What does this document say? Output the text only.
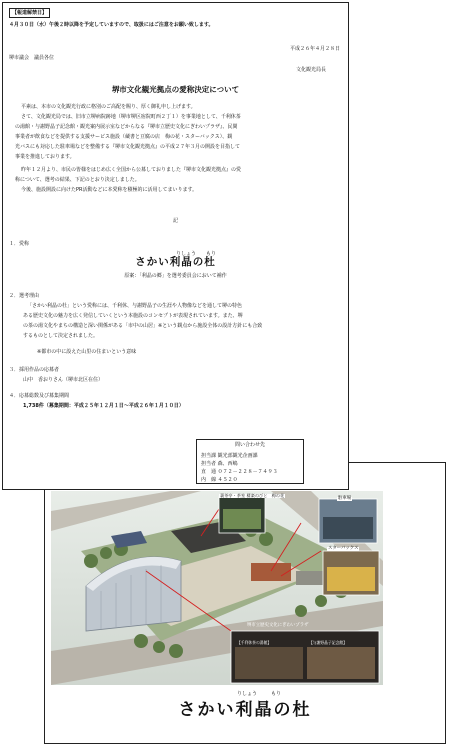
【報道解禁日】
４月３０日（水）午後２時以降を予定していますので、取扱にはご注意をお願い致します。
平成２６年４月２８日
堺市議会　議員各位
文化観光局長
堺市文化観光拠点の愛称決定について
平素は、本市の文化観光行政に格別のご高配を賜り、厚く御礼申し上げます。
さて、文化観光局では、旧市立堺病院跡地（堺市堺区宿院町西２丁１）を事業地として、千利休茶
の湯館・与謝野晶子記念館・観光案内展示室などからなる『堺市立歴史文化にぎわいプラザ』、民間
事業者が飲食などを提供する支援サービス施設（蔵書と豆腐の店　梅の花・スターバックス）、観
光バスにも対応した駐車場などを整備する『堺市文化観光拠点』の平成２７年３月の開設を目指して
事業を推進しております。
昨年１２月より、市民の皆様をはじめ広く全国から公募しておりました『堺市文化観光拠点』の愛
称について、選考の結果、下記のとおり決定しました。
今後、施設開設に向けたPR活動などに本愛称を積極的に活用してまいります。
記
１．愛称
りしょう もり
さかい利晶の杜
原案：「利晶の郷」を選考委員会において補作
２．選考理由
「さかい利晶の杜」という愛称には、千利休、与謝野晶子の生涯や人物像などを通して堺の特色
ある歴史文化の魅力を広く発信していくという本施設のコンセプトが表現されています。また、堺
の茶の湯文化やまちの構造と深い関係がある「市中の山居」※という観点から施設全体の設計方針にも合致
するものとして決定されました。
※都市の中に設えた山里の住まいという意味
３．採用作品の応募者
山中　香おりさん（堺市北区在住）
４．応募総数及び募集期間
1,738件（募集期間：平成２５年１２月１日～平成２６年１月１０日）
問い合わせ先
担当課 観光部観光企画課
担当者 森、西嶋
直　通 ０７２－２２８－７４９３
内　線 ４５２０
裏茶亭・茶室 棲楽のびと　梅の花
駐車場
スターバックス
堺市立歴史文化にぎわいプラザ
【千利休茶の湯館】	【与謝野晶子記念館】
りしょう	もり
さかい利晶の杜
